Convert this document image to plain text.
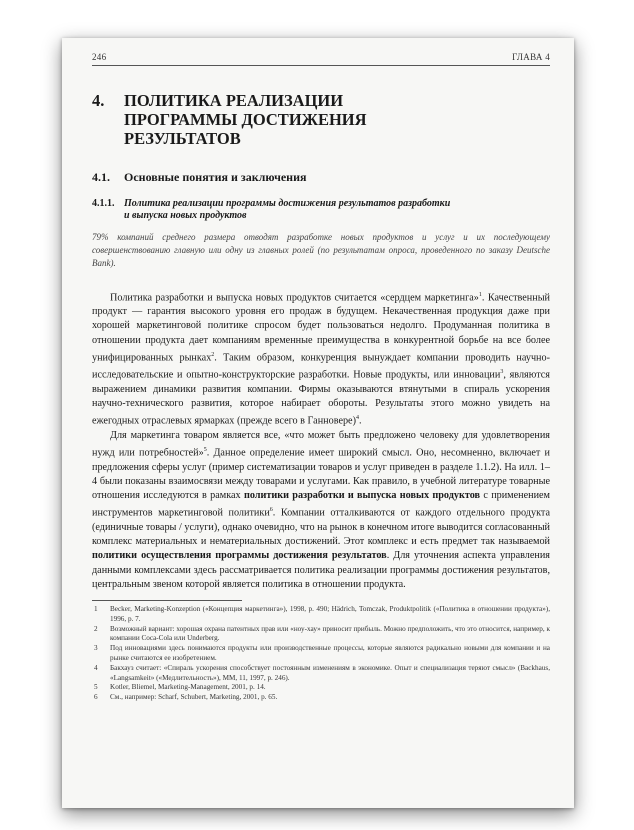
246	ГЛАВА 4
4.	ПОЛИТИКА РЕАЛИЗАЦИИ ПРОГРАММЫ ДОСТИЖЕНИЯ РЕЗУЛЬТАТОВ
4.1.	Основные понятия и заключения
4.1.1. Политика реализации программы достижения результатов разработки и выпуска новых продуктов
79% компаний среднего размера отводят разработке новых продуктов и услуг и их последующему совершенствованию главную или одну из главных ролей (по результатам опроса, проведенного по заказу Deutsche Bank).

Политика разработки и выпуска новых продуктов считается «сердцем маркетинга»$^1$. Качественный продукт — гарантия высокого уровня его продаж в будущем. Некачественная продукция даже при хорошей маркетинговой политике спросом будет пользоваться недолго. Продуманная политика в отношении продукта дает компаниям временные преимущества в конкурентной борьбе на все более унифицированных рынках$^2$. Таким образом, конкуренция вынуждает компании проводить научно-исследовательские и опытно-конструкторские разработки. Новые продукты, или инновации$^3$, являются выражением динамики развития компании. Фирмы оказываются втянутыми в спираль ускорения научно-технического развития, которое набирает обороты. Результаты этого можно увидеть на ежегодных отраслевых ярмарках (прежде всего в Ганновере)$^4$.

Для маркетинга товаром является все, «что может быть предложено человеку для удовлетворения нужд или потребностей»$^5$. Данное определение имеет широкий смысл. Оно, несомненно, включает и предложения сферы услуг (пример систематизации товаров и услуг приведен в разделе 1.1.2). На илл. 1–4 были показаны взаимосвязи между товарами и услугами. Как правило, в учебной литературе товарные отношения исследуются в рамках политики разработки и выпуска новых продуктов с применением инструментов маркетинговой политики$^6$. Компании отталкиваются от каждого отдельного продукта (единичные товары / услуги), однако очевидно, что на рынок в конечном итоге выводится согласованный комплекс материальных и нематериальных достижений. Этот комплекс и есть предмет так называемой политики осуществления программы достижения результатов. Для уточнения аспекта управления данными комплексами здесь рассматривается политика реализации программы достижения результатов, центральным звеном которой является политика в отношении продукта.

1	Becker, Marketing-Konzeption («Концепция маркетинга»), 1998, р. 490; Hädrich, Tomczak, Produktpolitik («Политика в отношении продукта»), 1996, р. 7.
2	Возможный вариант: хорошая охрана патентных прав или «ноу-хау» приносит прибыль. Можно предположить, что это относится, например, к компании Coca-Cola или Underberg.
3	Под инновациями здесь понимаются продукты или производственные процессы, которые являются радикально новыми для компании и на рынке считаются ее изобретением.
4	Бакхауз считает: «Спираль ускорения способствует постоянным изменениям в экономике. Опыт и специализация теряют смысл» (Backhaus, «Langsamkeit» («Медлительность»), MM, 11, 1997, р. 246).
5	Kotler, Bliemel, Marketing-Management, 2001, р. 14.
6	См., например: Scharf, Schubert, Marketing, 2001, р. 65.
